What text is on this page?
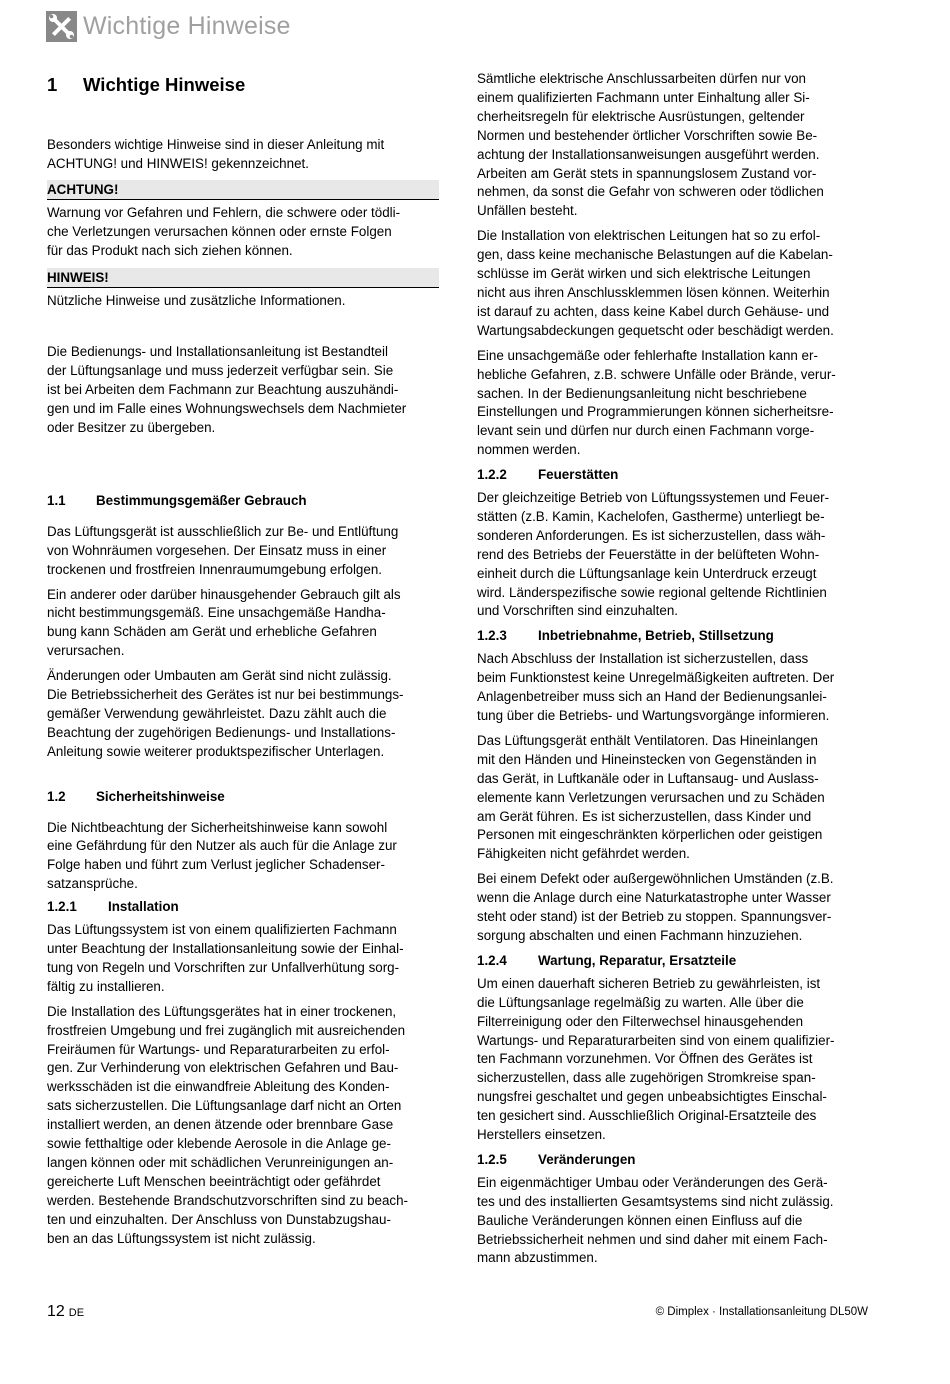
Wichtige Hinweise
1	Wichtige Hinweise
Besonders wichtige Hinweise sind in dieser Anleitung mit
ACHTUNG! und HINWEIS! gekennzeichnet.
ACHTUNG!
Warnung vor Gefahren und Fehlern, die schwere oder tödli-
che Verletzungen verursachen können oder ernste Folgen
für das Produkt nach sich ziehen können.
HINWEIS!
Nützliche Hinweise und zusätzliche Informationen.
Die Bedienungs- und Installationsanleitung ist Bestandteil
der Lüftungsanlage und muss jederzeit verfügbar sein. Sie
ist bei Arbeiten dem Fachmann zur Beachtung auszuhändi-
gen und im Falle eines Wohnungswechsels dem Nachmieter
oder Besitzer zu übergeben.
1.1	Bestimmungsgemäßer Gebrauch
Das Lüftungsgerät ist ausschließlich zur Be- und Entlüftung
von Wohnräumen vorgesehen. Der Einsatz muss in einer
trockenen und frostfreien Innenraumumgebung erfolgen.
Ein anderer oder darüber hinausgehender Gebrauch gilt als
nicht bestimmungsgemäß. Eine unsachgemäße Handha-
bung kann Schäden am Gerät und erhebliche Gefahren
verursachen.
Änderungen oder Umbauten am Gerät sind nicht zulässig.
Die Betriebssicherheit des Gerätes ist nur bei bestimmungs-
gemäßer Verwendung gewährleistet. Dazu zählt auch die
Beachtung der zugehörigen Bedienungs- und Installations-
Anleitung sowie weiterer produktspezifischer Unterlagen.
1.2	Sicherheitshinweise
Die Nichtbeachtung der Sicherheitshinweise kann sowohl
eine Gefährdung für den Nutzer als auch für die Anlage zur
Folge haben und führt zum Verlust jeglicher Schadenser-
satzansprüche.
1.2.1	Installation
Das Lüftungssystem ist von einem qualifizierten Fachmann
unter Beachtung der Installationsanleitung sowie der Einhal-
tung von Regeln und Vorschriften zur Unfallverhütung sorg-
fältig zu installieren.
Die Installation des Lüftungsgerätes hat in einer trockenen,
frostfreien Umgebung und frei zugänglich mit ausreichenden
Freiräumen für Wartungs- und Reparaturarbeiten zu erfol-
gen. Zur Verhinderung von elektrischen Gefahren und Bau-
werksschäden ist die einwandfreie Ableitung des Konden-
sats sicherzustellen. Die Lüftungsanlage darf nicht an Orten
installiert werden, an denen ätzende oder brennbare Gase
sowie fetthaltige oder klebende Aerosole in die Anlage ge-
langen können oder mit schädlichen Verunreinigungen an-
gereicherte Luft Menschen beeinträchtigt oder gefährdet
werden. Bestehende Brandschutzvorschriften sind zu beach-
ten und einzuhalten. Der Anschluss von Dunstabzugshau-
ben an das Lüftungssystem ist nicht zulässig.
Sämtliche elektrische Anschlussarbeiten dürfen nur von
einem qualifizierten Fachmann unter Einhaltung aller Si-
cherheitsregeln für elektrische Ausrüstungen, geltender
Normen und bestehender örtlicher Vorschriften sowie Be-
achtung der Installationsanweisungen ausgeführt werden.
Arbeiten am Gerät stets in spannungslosem Zustand vor-
nehmen, da sonst die Gefahr von schweren oder tödlichen
Unfällen besteht.
Die Installation von elektrischen Leitungen hat so zu erfol-
gen, dass keine mechanische Belastungen auf die Kabelan-
schlüsse im Gerät wirken und sich elektrische Leitungen
nicht aus ihren Anschlussklemmen lösen können. Weiterhin
ist darauf zu achten, dass keine Kabel durch Gehäuse- und
Wartungsabdeckungen gequetscht oder beschädigt werden.
Eine unsachgemäße oder fehlerhafte Installation kann er-
hebliche Gefahren, z.B. schwere Unfälle oder Brände, verur-
sachen. In der Bedienungsanleitung nicht beschriebene
Einstellungen und Programmierungen können sicherheitsre-
levant sein und dürfen nur durch einen Fachmann vorge-
nommen werden.
1.2.2	Feuerstätten
Der gleichzeitige Betrieb von Lüftungssystemen und Feuer-
stätten (z.B. Kamin, Kachelofen, Gastherme) unterliegt be-
sonderen Anforderungen. Es ist sicherzustellen, dass wäh-
rend des Betriebs der Feuerstätte in der belüfteten Wohn-
einheit durch die Lüftungsanlage kein Unterdruck erzeugt
wird. Länderspezifische sowie regional geltende Richtlinien
und Vorschriften sind einzuhalten.
1.2.3	Inbetriebnahme, Betrieb, Stillsetzung
Nach Abschluss der Installation ist sicherzustellen, dass
beim Funktionstest keine Unregelmäßigkeiten auftreten. Der
Anlagenbetreiber muss sich an Hand der Bedienungsanlei-
tung über die Betriebs- und Wartungsvorgänge informieren.
Das Lüftungsgerät enthält Ventilatoren. Das Hineinlangen
mit den Händen und Hineinstecken von Gegenständen in
das Gerät, in Luftkanäle oder in Luftansaug- und Auslass-
elemente kann Verletzungen verursachen und zu Schäden
am Gerät führen. Es ist sicherzustellen, dass Kinder und
Personen mit eingeschränkten körperlichen oder geistigen
Fähigkeiten nicht gefährdet werden.
Bei einem Defekt oder außergewöhnlichen Umständen (z.B.
wenn die Anlage durch eine Naturkatastrophe unter Wasser
steht oder stand) ist der Betrieb zu stoppen. Spannungsver-
sorgung abschalten und einen Fachmann hinzuziehen.
1.2.4	Wartung, Reparatur, Ersatzteile
Um einen dauerhaft sicheren Betrieb zu gewährleisten, ist
die Lüftungsanlage regelmäßig zu warten. Alle über die
Filterreinigung oder den Filterwechsel hinausgehenden
Wartungs- und Reparaturarbeiten sind von einem qualifizier-
ten Fachmann vorzunehmen. Vor Öffnen des Gerätes ist
sicherzustellen, dass alle zugehörigen Stromkreise span-
nungsfrei geschaltet und gegen unbeabsichtigtes Einschal-
ten gesichert sind. Ausschließlich Original-Ersatzteile des
Herstellers einsetzen.
1.2.5	Veränderungen
Ein eigenmächtiger Umbau oder Veränderungen des Gerä-
tes und des installierten Gesamtsystems sind nicht zulässig.
Bauliche Veränderungen können einen Einfluss auf die
Betriebssicherheit nehmen und sind daher mit einem Fach-
mann abzustimmen.
12 DE	© Dimplex · Installationsanleitung DL50W
